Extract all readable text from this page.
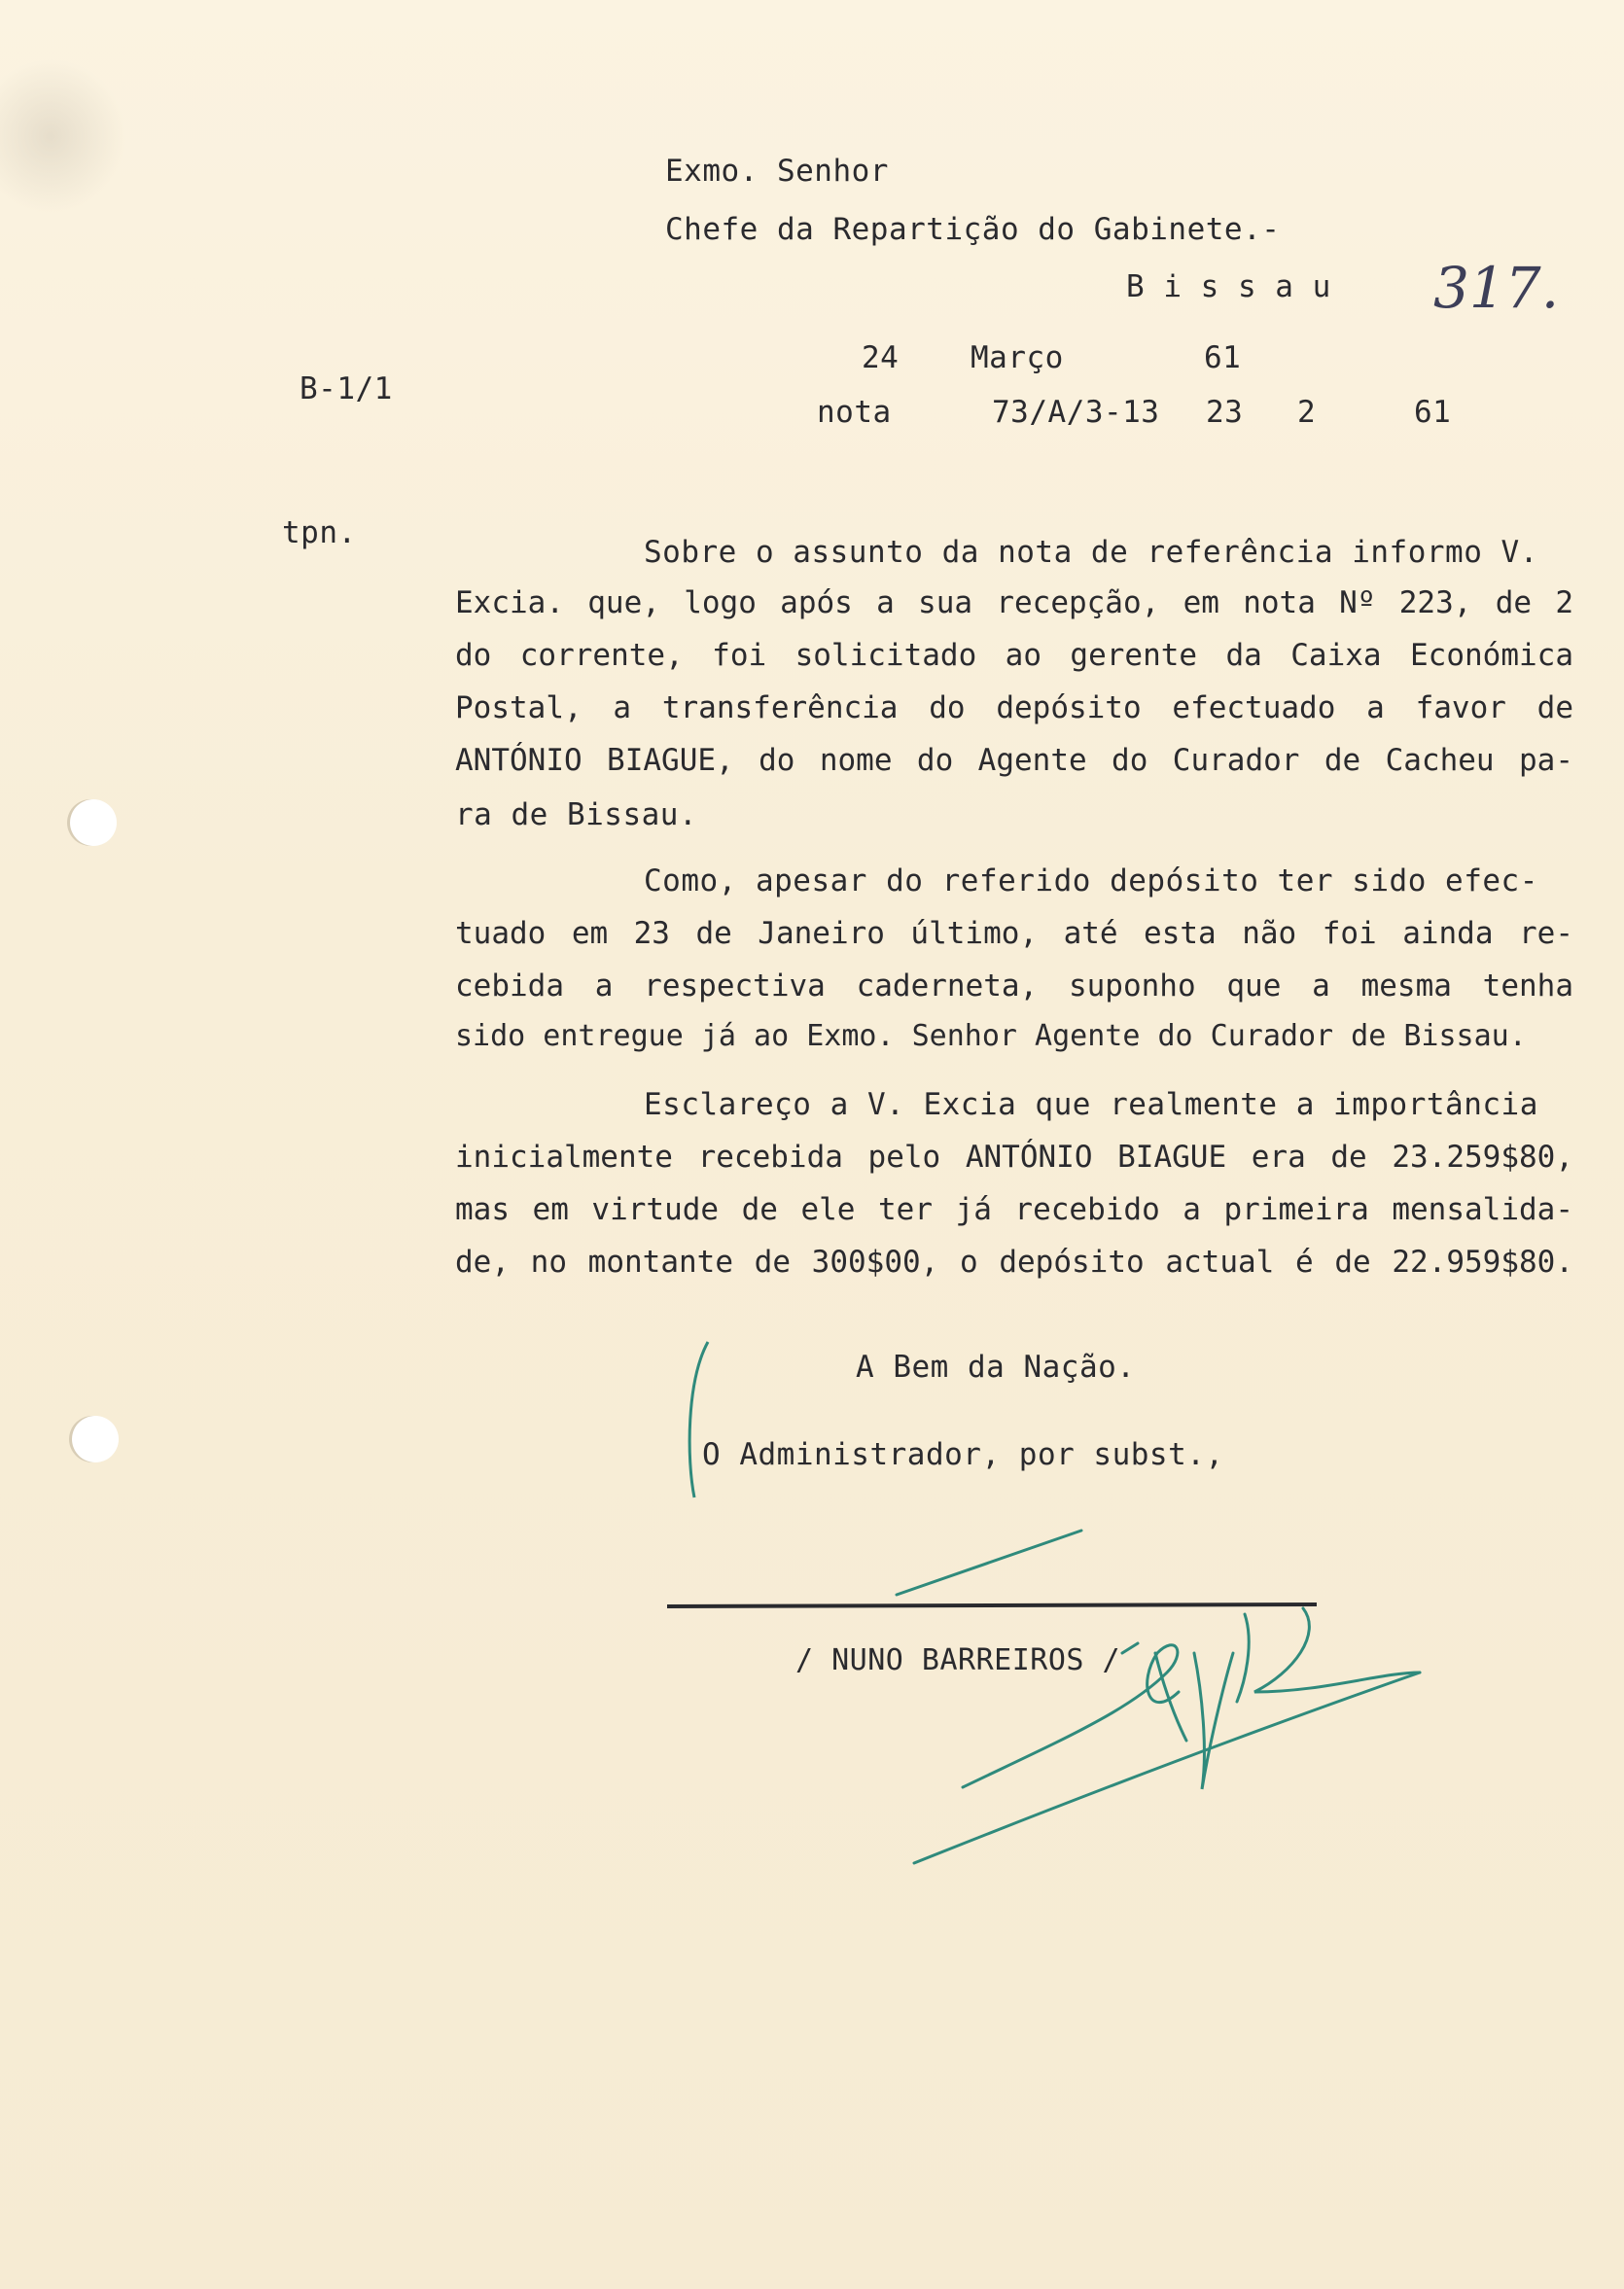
Exmo. Senhor
Chefe da Repartição do Gabinete.-
B i s s a u 317.
B-1/1
tpn.
24 Março	61
nota	73/A/3-13 23 2	61
Sobre o assunto da nota de referência informo V.
Excia. que, logo após a sua recepção, em nota Nº 223, de 2
do corrente, foi solicitado ao gerente da Caixa Económica
Postal, a transferência do depósito efectuado a favor de
ANTÓNIO BIAGUE, do nome do Agente do Curador de Cacheu pa-
ra de Bissau.
Como, apesar do referido depósito ter sido efec-
tuado em 23 de Janeiro último, até esta não foi ainda re-
cebida a respectiva caderneta, suponho que a mesma tenha
sido entregue já ao Exmo. Senhor Agente do Curador de Bissau.
Esclareço a V. Excia que realmente a importância
inicialmente recebida pelo ANTÓNIO BIAGUE era de 23.259$80,
mas em virtude de ele ter já recebido a primeira mensalida-
de, no montante de 300$00, o depósito actual é de 22.959$80.
A Bem da Nação.
O Administrador, por subst.,
/ NUNO BARREIROS /
